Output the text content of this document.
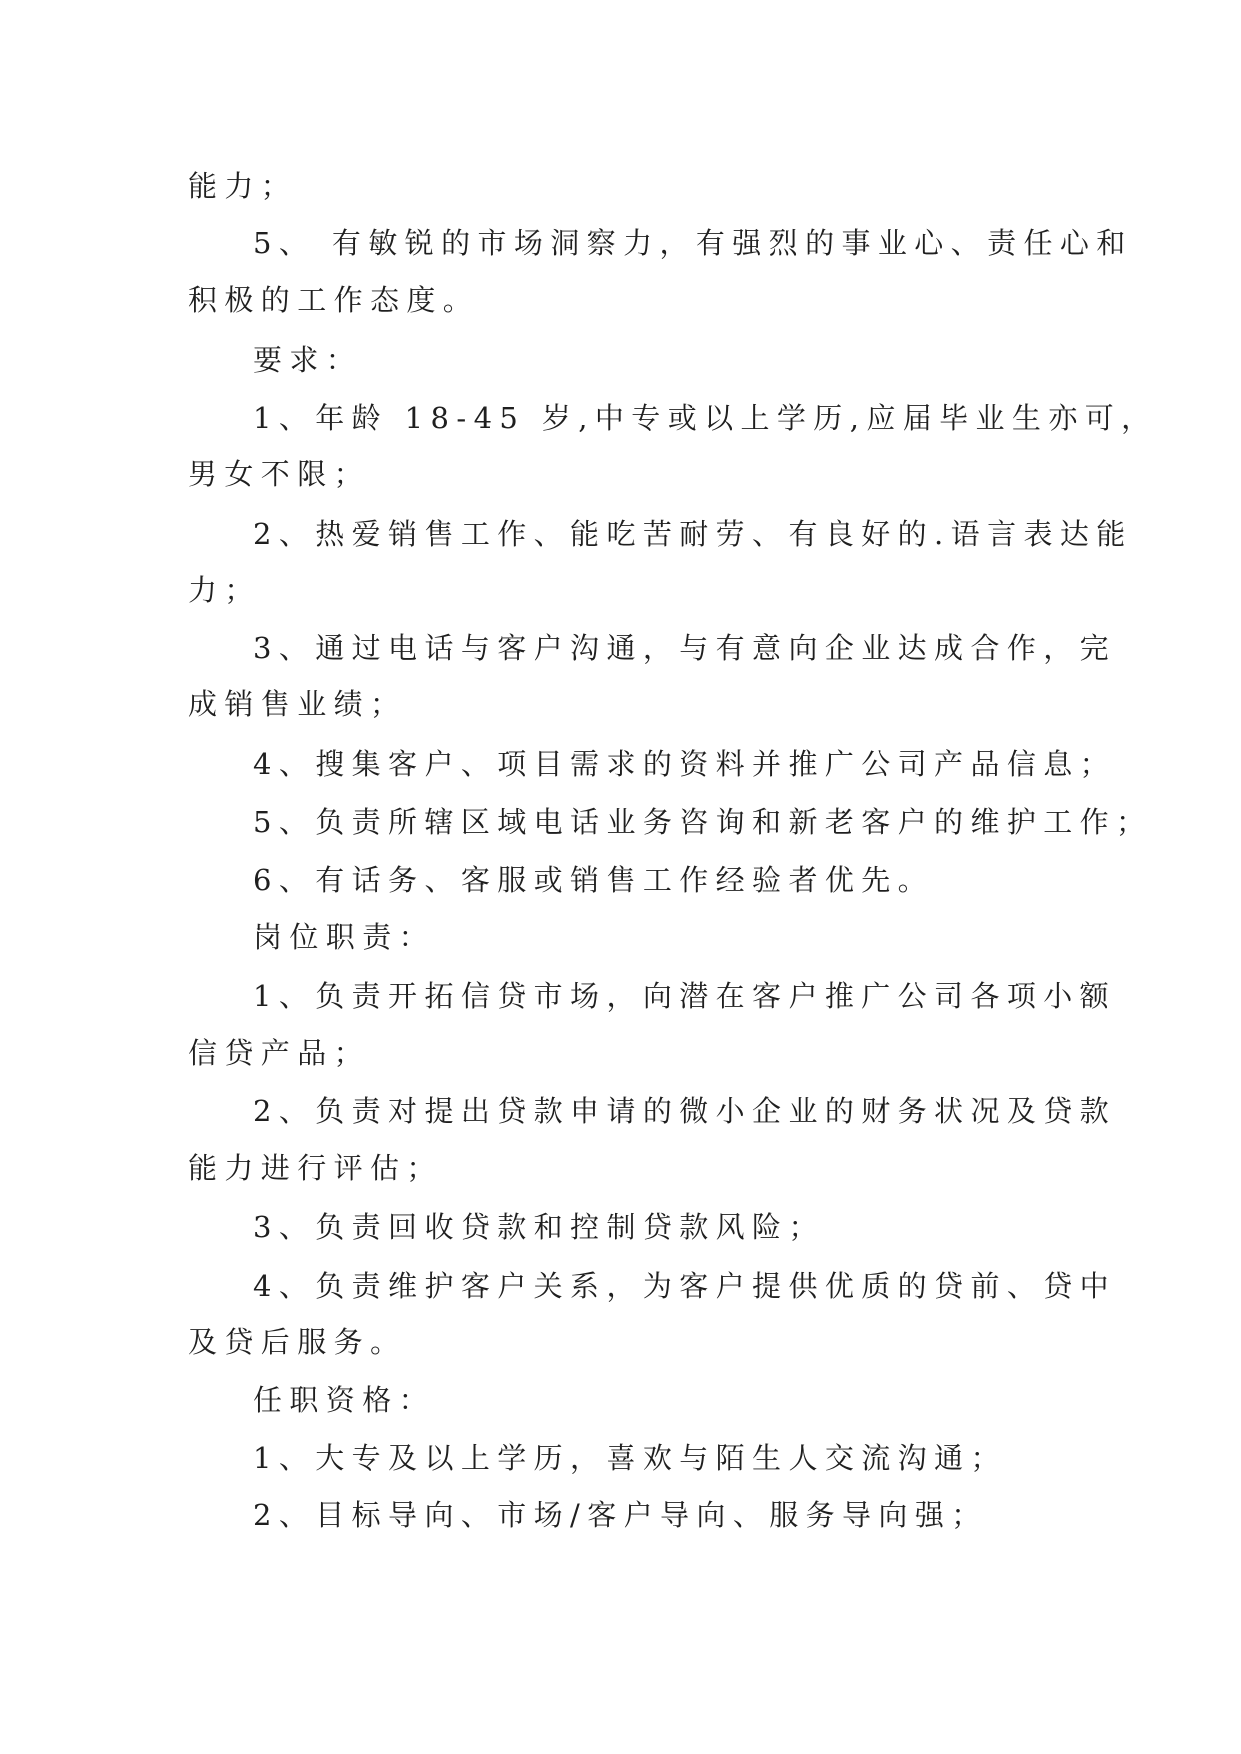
能力；
5、 有敏锐的市场洞察力，有强烈的事业心、责任心和
积极的工作态度。
要求：
1、年龄 18-45 岁,中专或以上学历,应届毕业生亦可，
男女不限；
2、热爱销售工作、能吃苦耐劳、有良好的.语言表达能
力；
3、通过电话与客户沟通，与有意向企业达成合作，完
成销售业绩；
4、搜集客户、项目需求的资料并推广公司产品信息；
5、负责所辖区域电话业务咨询和新老客户的维护工作；
6、有话务、客服或销售工作经验者优先。
岗位职责：
1、负责开拓信贷市场，向潜在客户推广公司各项小额
信贷产品；
2、负责对提出贷款申请的微小企业的财务状况及贷款
能力进行评估；
3、负责回收贷款和控制贷款风险；
4、负责维护客户关系，为客户提供优质的贷前、贷中
及贷后服务。
任职资格：
1、大专及以上学历，喜欢与陌生人交流沟通；
2、目标导向、市场/客户导向、服务导向强；
